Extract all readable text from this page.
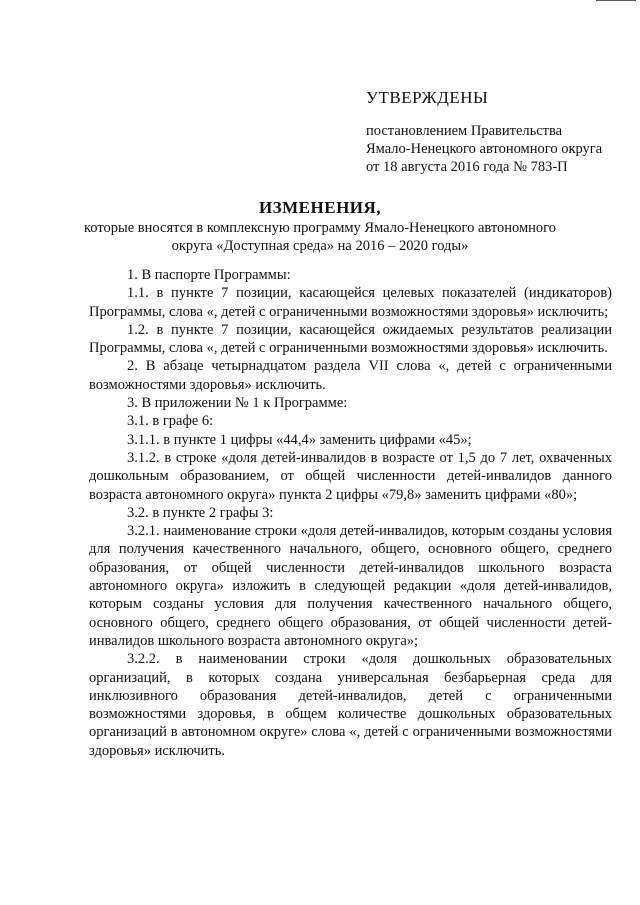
УТВЕРЖДЕНЫ
постановлением Правительства
Ямало-Ненецкого автономного округа
от 18 августа 2016 года № 783-П
ИЗМЕНЕНИЯ,
которые вносятся в комплексную программу Ямало-Ненецкого автономного
округа «Доступная среда» на 2016 – 2020 годы»

1. В паспорте Программы:

1.1. в пункте 7 позиции, касающейся целевых показателей (индикаторов) Программы, слова «, детей с ограниченными возможностями здоровья» исключить;

1.2. в пункте 7 позиции, касающейся ожидаемых результатов реализации Программы, слова «, детей с ограниченными возможностями здоровья» исключить.

2. В абзаце четырнадцатом раздела VII слова «, детей с ограниченными возможностями здоровья» исключить.

3. В приложении № 1 к Программе:

3.1. в графе 6:

3.1.1. в пункте 1 цифры «44,4» заменить цифрами «45»;

3.1.2. в строке «доля детей-инвалидов в возрасте от 1,5 до 7 лет, охваченных дошкольным образованием, от общей численности детей-инвалидов данного возраста автономного округа» пункта 2 цифры «79,8» заменить цифрами «80»;

3.2. в пункте 2 графы 3:

3.2.1. наименование строки «доля детей-инвалидов, которым созданы условия для получения качественного начального, общего, основного общего, среднего образования, от общей численности детей-инвалидов школьного возраста автономного округа» изложить в следующей редакции «доля детей-инвалидов, которым созданы условия для получения качественного начального общего, основного общего, среднего общего образования, от общей численности детей-инвалидов школьного возраста автономного округа»;

3.2.2. в наименовании строки «доля дошкольных образовательных организаций, в которых создана универсальная безбарьерная среда для инклюзивного образования детей-инвалидов, детей с ограниченными возможностями здоровья, в общем количестве дошкольных образовательных организаций в автономном округе» слова «, детей с ограниченными возможностями здоровья» исключить.
